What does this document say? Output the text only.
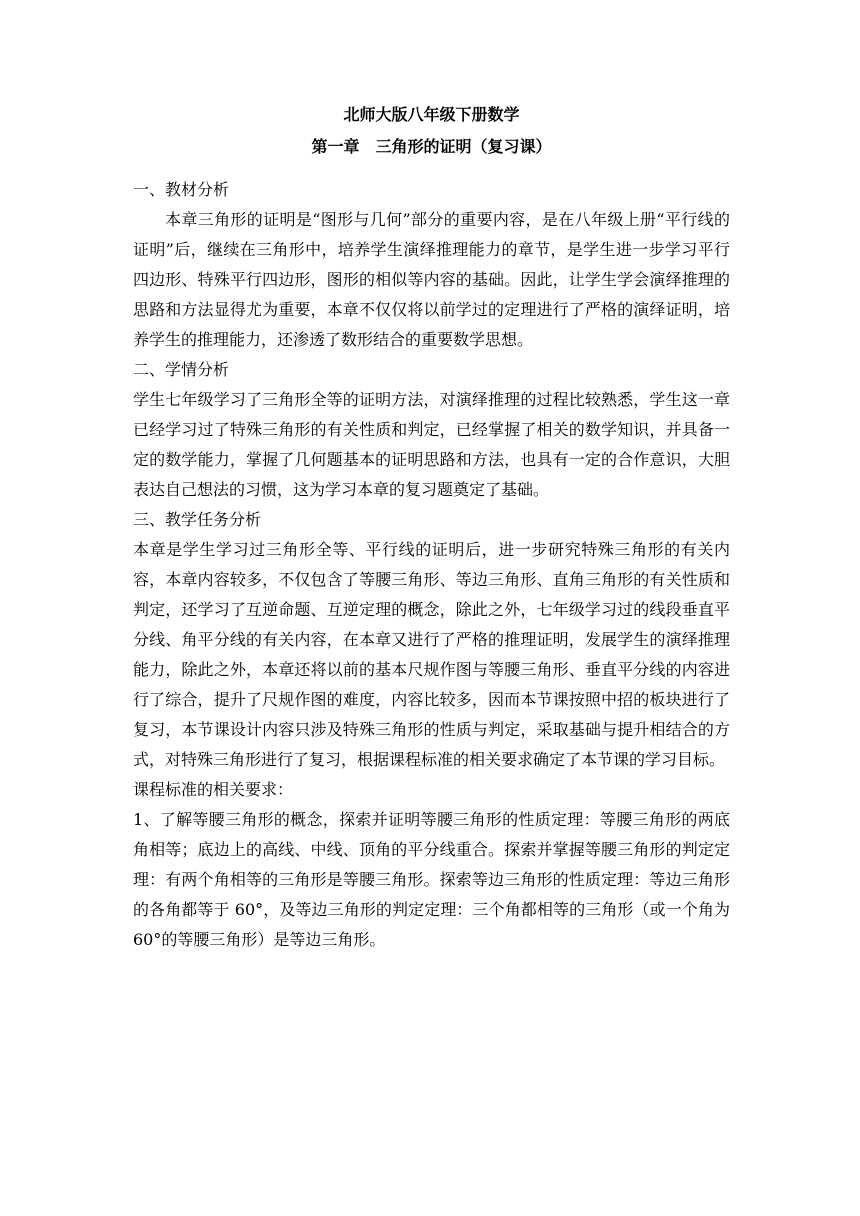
北师大版八年级下册数学

第一章　三角形的证明（复习课）

一、教材分析

本章三角形的证明是“图形与几何”部分的重要内容，是在八年级上册“平行线的证明”后，继续在三角形中，培养学生演绎推理能力的章节，是学生进一步学习平行四边形、特殊平行四边形，图形的相似等内容的基础。因此，让学生学会演绎推理的思路和方法显得尤为重要，本章不仅仅将以前学过的定理进行了严格的演绎证明，培养学生的推理能力，还渗透了数形结合的重要数学思想。

二、学情分析

学生七年级学习了三角形全等的证明方法，对演绎推理的过程比较熟悉，学生这一章已经学习过了特殊三角形的有关性质和判定，已经掌握了相关的数学知识，并具备一定的数学能力，掌握了几何题基本的证明思路和方法，也具有一定的合作意识，大胆表达自己想法的习惯，这为学习本章的复习题奠定了基础。

三、教学任务分析

本章是学生学习过三角形全等、平行线的证明后，进一步研究特殊三角形的有关内容，本章内容较多，不仅包含了等腰三角形、等边三角形、直角三角形的有关性质和判定，还学习了互逆命题、互逆定理的概念，除此之外，七年级学习过的线段垂直平分线、角平分线的有关内容，在本章又进行了严格的推理证明，发展学生的演绎推理能力，除此之外，本章还将以前的基本尺规作图与等腰三角形、垂直平分线的内容进行了综合，提升了尺规作图的难度，内容比较多，因而本节课按照中招的板块进行了复习，本节课设计内容只涉及特殊三角形的性质与判定，采取基础与提升相结合的方式，对特殊三角形进行了复习，根据课程标准的相关要求确定了本节课的学习目标。

课程标准的相关要求：

1、了解等腰三角形的概念，探索并证明等腰三角形的性质定理：等腰三角形的两底角相等；底边上的高线、中线、顶角的平分线重合。探索并掌握等腰三角形的判定定理：有两个角相等的三角形是等腰三角形。探索等边三角形的性质定理：等边三角形的各角都等于 60°，及等边三角形的判定定理：三个角都相等的三角形（或一个角为 60°的等腰三角形）是等边三角形。
